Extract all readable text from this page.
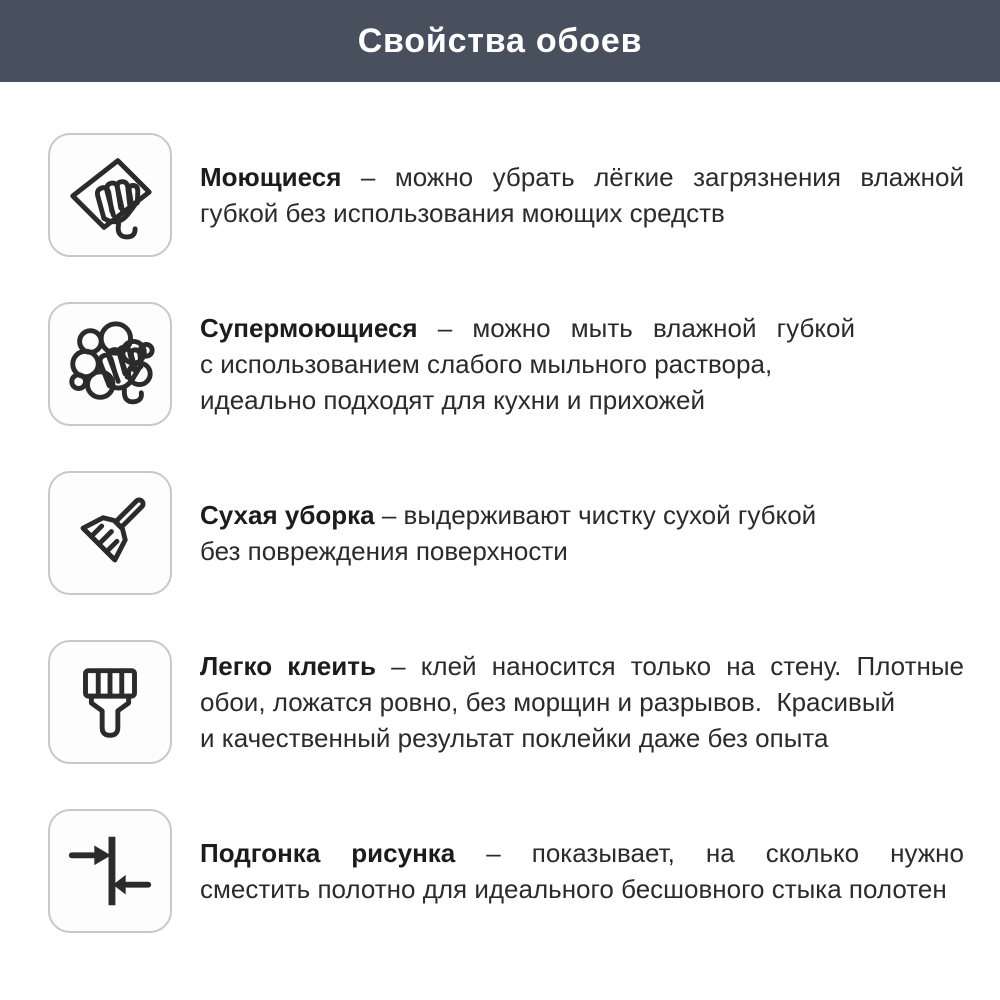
Свойства обоев
Моющиеся – можно убрать лёгкие загрязнения влажной
губкой без использования моющих средств
Супермоющиеся – можно мыть влажной губкой
с использованием слабого мыльного раствора,
идеально подходят для кухни и прихожей
Сухая уборка – выдерживают чистку сухой губкой
без повреждения поверхности
Легко клеить – клей наносится только на стену. Плотные
обои, ложатся ровно, без морщин и разрывов.  Красивый
и качественный результат поклейки даже без опыта
Подгонка рисунка – показывает, на сколько нужно
сместить полотно для идеального бесшовного стыка полотен
